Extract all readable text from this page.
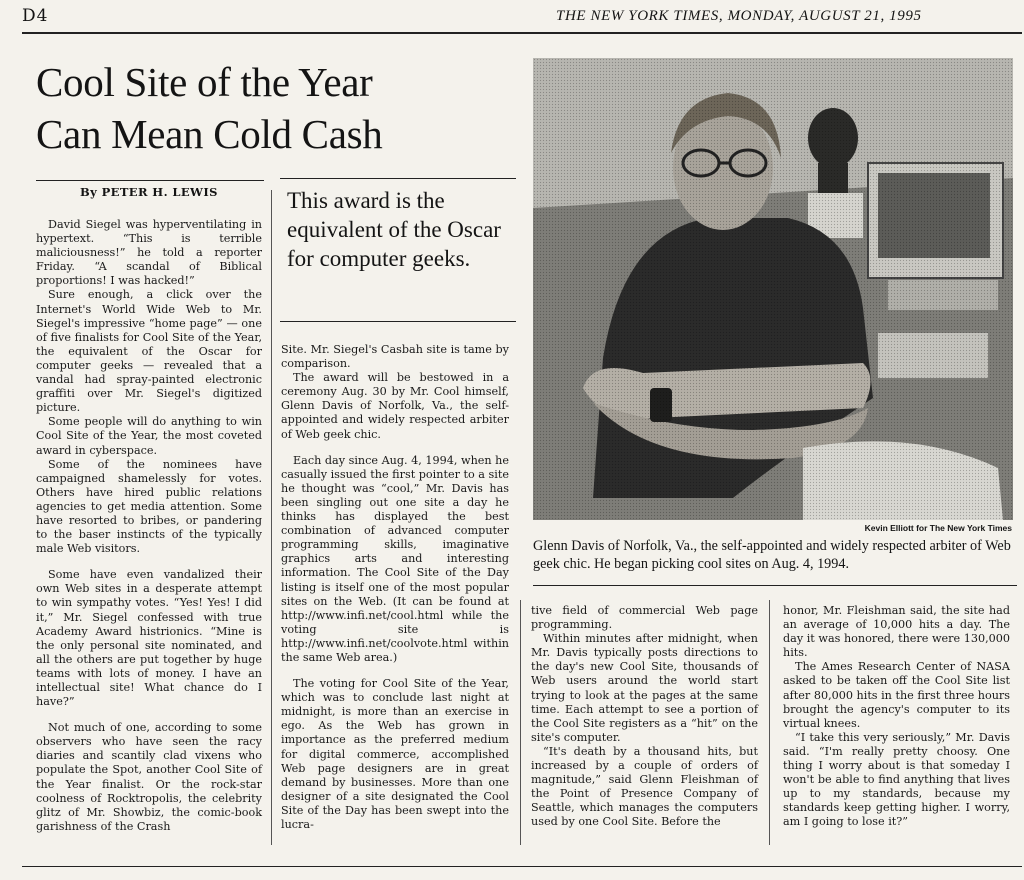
D4	THE NEW YORK TIMES, MONDAY, AUGUST 21, 1995
Cool Site of the Year
Can Mean Cold Cash
By PETER H. LEWIS	This award is the equivalent of the Oscar for computer geeks.

David Siegel was hyperventilating in hypertext. “This is terrible maliciousness!” he told a reporter Friday. “A scandal of Biblical proportions! I was hacked!”

Sure enough, a click over the Internet's World Wide Web to Mr. Siegel's impressive “home page” — one of five finalists for Cool Site of the Year, the equivalent of the Oscar for computer geeks — revealed that a vandal had spray-painted electronic graffiti over Mr. Siegel's digitized picture.

Some people will do anything to win Cool Site of the Year, the most coveted award in cyberspace.

Some of the nominees have campaigned shamelessly for votes. Others have hired public relations agencies to get media attention. Some have resorted to bribes, or pandering to the baser instincts of the typically male Web visitors.

Some have even vandalized their own Web sites in a desperate attempt to win sympathy votes. “Yes! Yes! I did it,” Mr. Siegel confessed with true Academy Award histrionics. “Mine is the only personal site nominated, and all the others are put together by huge teams with lots of money. I have an intellectual site! What chance do I have?”

Not much of one, according to some observers who have seen the racy diaries and scantily clad vixens who populate the Spot, another Cool Site of the Year finalist. Or the rock-star coolness of Rocktropolis, the celebrity glitz of Mr. Showbiz, the comic-book garishness of the Crash

Site. Mr. Siegel's Casbah site is tame by comparison.

The award will be bestowed in a ceremony Aug. 30 by Mr. Cool himself, Glenn Davis of Norfolk, Va., the self-appointed and widely respected arbiter of Web geek chic.

Each day since Aug. 4, 1994, when he casually issued the first pointer to a site he thought was “cool,” Mr. Davis has been singling out one site a day he thinks has displayed the best combination of advanced computer programming skills, imaginative graphics arts and interesting information. The Cool Site of the Day listing is itself one of the most popular sites on the Web. (It can be found at http://www.infi.net/cool.html while the voting site is http://www.infi.net/coolvote.html within the same Web area.)

The voting for Cool Site of the Year, which was to conclude last night at midnight, is more than an exercise in ego. As the Web has grown in importance as the preferred medium for digital commerce, accomplished Web page designers are in great demand by businesses. More than one designer of a site designated the Cool Site of the Day has been swept into the lucra-

Kevin Elliott for The New York Times
Glenn Davis of Norfolk, Va., the self-appointed and widely respected arbiter of Web geek chic. He began picking cool sites on Aug. 4, 1994.

tive field of commercial Web page programming.

Within minutes after midnight, when Mr. Davis typically posts directions to the day's new Cool Site, thousands of Web users around the world start trying to look at the pages at the same time. Each attempt to see a portion of the Cool Site registers as a “hit” on the site's computer.

“It's death by a thousand hits, but increased by a couple of orders of magnitude,” said Glenn Fleishman of the Point of Presence Company of Seattle, which manages the computers used by one Cool Site. Before the

honor, Mr. Fleishman said, the site had an average of 10,000 hits a day. The day it was honored, there were 130,000 hits.

The Ames Research Center of NASA asked to be taken off the Cool Site list after 80,000 hits in the first three hours brought the agency's computer to its virtual knees.

“I take this very seriously,” Mr. Davis said. “I'm really pretty choosy. One thing I worry about is that someday I won't be able to find anything that lives up to my standards, because my standards keep getting higher. I worry, am I going to lose it?”
